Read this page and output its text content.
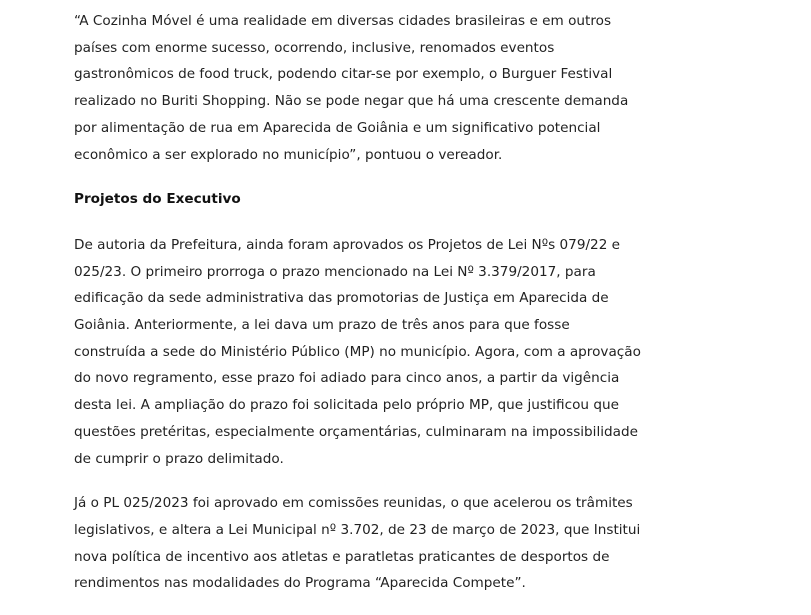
“A Cozinha Móvel é uma realidade em diversas cidades brasileiras e em outros países com enorme sucesso, ocorrendo, inclusive, renomados eventos gastronômicos de food truck, podendo citar-se por exemplo, o Burguer Festival realizado no Buriti Shopping. Não se pode negar que há uma crescente demanda por alimentação de rua em Aparecida de Goiânia e um significativo potencial econômico a ser explorado no município”, pontuou o vereador.

Projetos do Executivo

De autoria da Prefeitura, ainda foram aprovados os Projetos de Lei Nºs 079/22 e 025/23. O primeiro prorroga o prazo mencionado na Lei Nº 3.379/2017, para edificação da sede administrativa das promotorias de Justiça em Aparecida de Goiânia. Anteriormente, a lei dava um prazo de três anos para que fosse construída a sede do Ministério Público (MP) no município. Agora, com a aprovação do novo regramento, esse prazo foi adiado para cinco anos, a partir da vigência desta lei. A ampliação do prazo foi solicitada pelo próprio MP, que justificou que questões pretéritas, especialmente orçamentárias, culminaram na impossibilidade de cumprir o prazo delimitado.

Já o PL 025/2023 foi aprovado em comissões reunidas, o que acelerou os trâmites legislativos, e altera a Lei Municipal nº 3.702, de 23 de março de 2023, que Institui nova política de incentivo aos atletas e paratletas praticantes de desportos de rendimentos nas modalidades do Programa “Aparecida Compete”.
